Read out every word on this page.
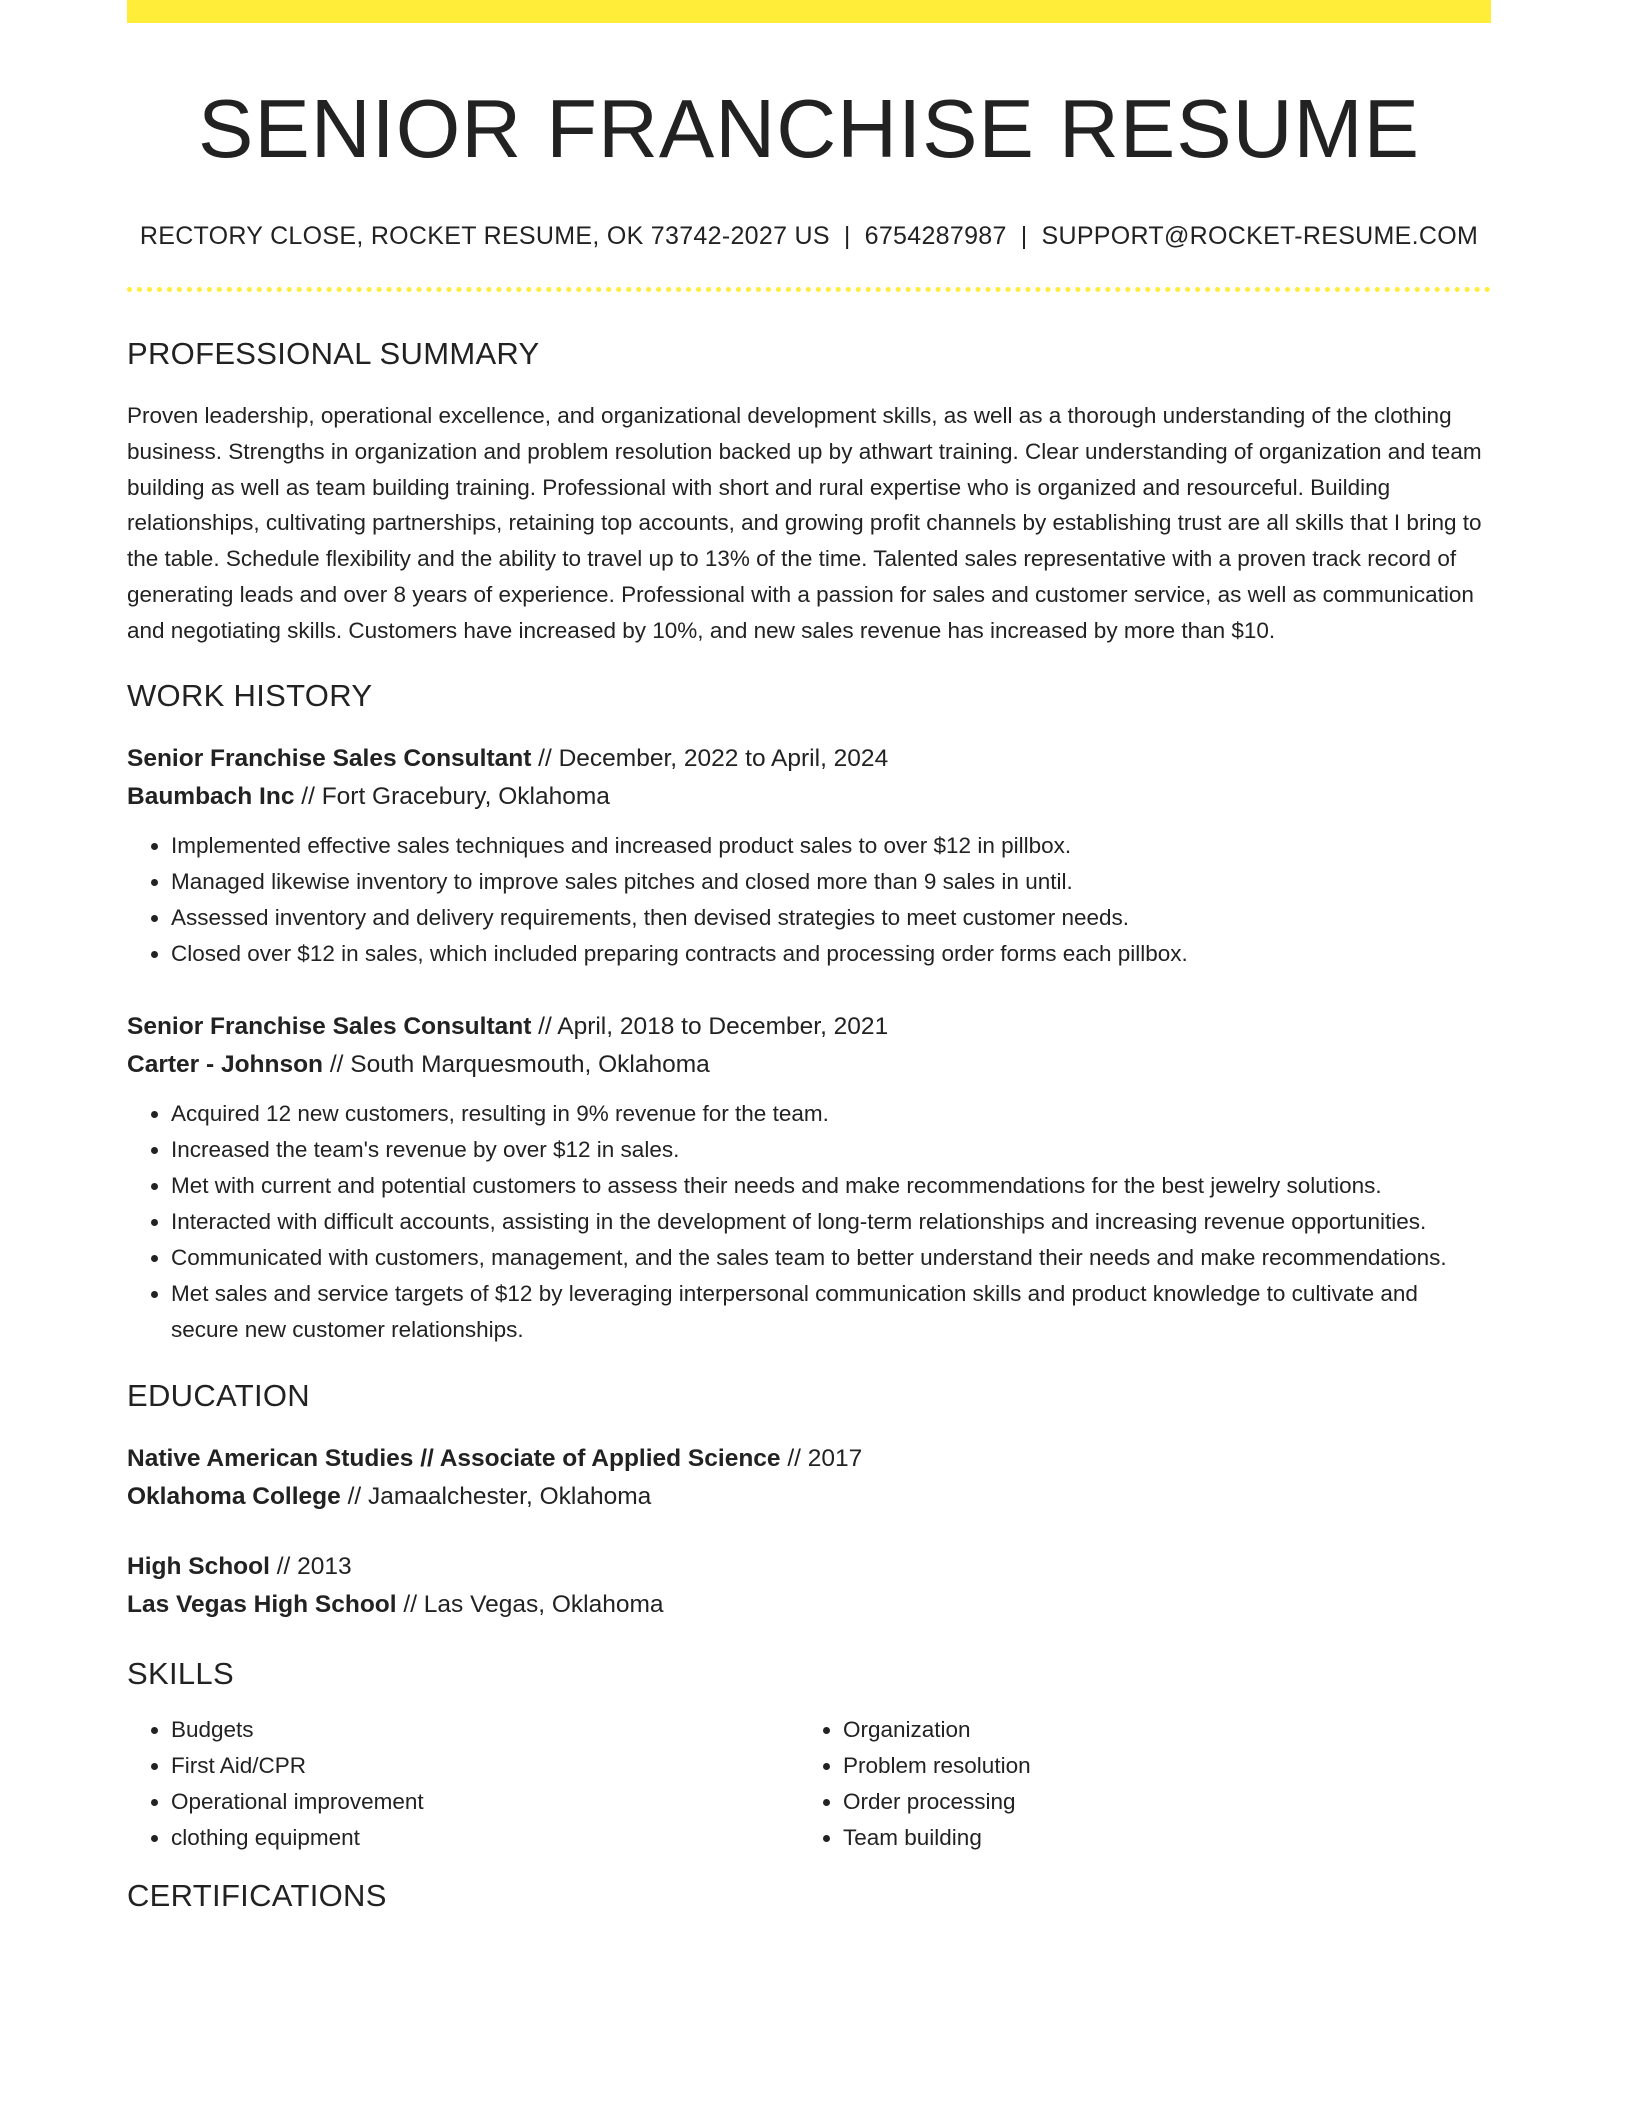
SENIOR FRANCHISE RESUME
RECTORY CLOSE, ROCKET RESUME, OK 73742-2027 US | 6754287987 | SUPPORT@ROCKET-RESUME.COM
PROFESSIONAL SUMMARY
Proven leadership, operational excellence, and organizational development skills, as well as a thorough understanding of the clothing business. Strengths in organization and problem resolution backed up by athwart training. Clear understanding of organization and team building as well as team building training. Professional with short and rural expertise who is organized and resourceful. Building relationships, cultivating partnerships, retaining top accounts, and growing profit channels by establishing trust are all skills that I bring to the table. Schedule flexibility and the ability to travel up to 13% of the time. Talented sales representative with a proven track record of generating leads and over 8 years of experience. Professional with a passion for sales and customer service, as well as communication and negotiating skills. Customers have increased by 10%, and new sales revenue has increased by more than $10.
WORK HISTORY
Senior Franchise Sales Consultant // December, 2022 to April, 2024
Baumbach Inc // Fort Gracebury, Oklahoma
• Implemented effective sales techniques and increased product sales to over $12 in pillbox.
• Managed likewise inventory to improve sales pitches and closed more than 9 sales in until.
• Assessed inventory and delivery requirements, then devised strategies to meet customer needs.
• Closed over $12 in sales, which included preparing contracts and processing order forms each pillbox.
Senior Franchise Sales Consultant // April, 2018 to December, 2021
Carter - Johnson // South Marquesmouth, Oklahoma
• Acquired 12 new customers, resulting in 9% revenue for the team.
• Increased the team's revenue by over $12 in sales.
• Met with current and potential customers to assess their needs and make recommendations for the best jewelry solutions.
• Interacted with difficult accounts, assisting in the development of long-term relationships and increasing revenue opportunities.
• Communicated with customers, management, and the sales team to better understand their needs and make recommendations.
• Met sales and service targets of $12 by leveraging interpersonal communication skills and product knowledge to cultivate and secure new customer relationships.
EDUCATION
Native American Studies // Associate of Applied Science // 2017
Oklahoma College // Jamaalchester, Oklahoma
High School // 2013
Las Vegas High School // Las Vegas, Oklahoma
SKILLS
• Budgets
• First Aid/CPR
• Operational improvement
• clothing equipment
• Organization
• Problem resolution
• Order processing
• Team building
CERTIFICATIONS
